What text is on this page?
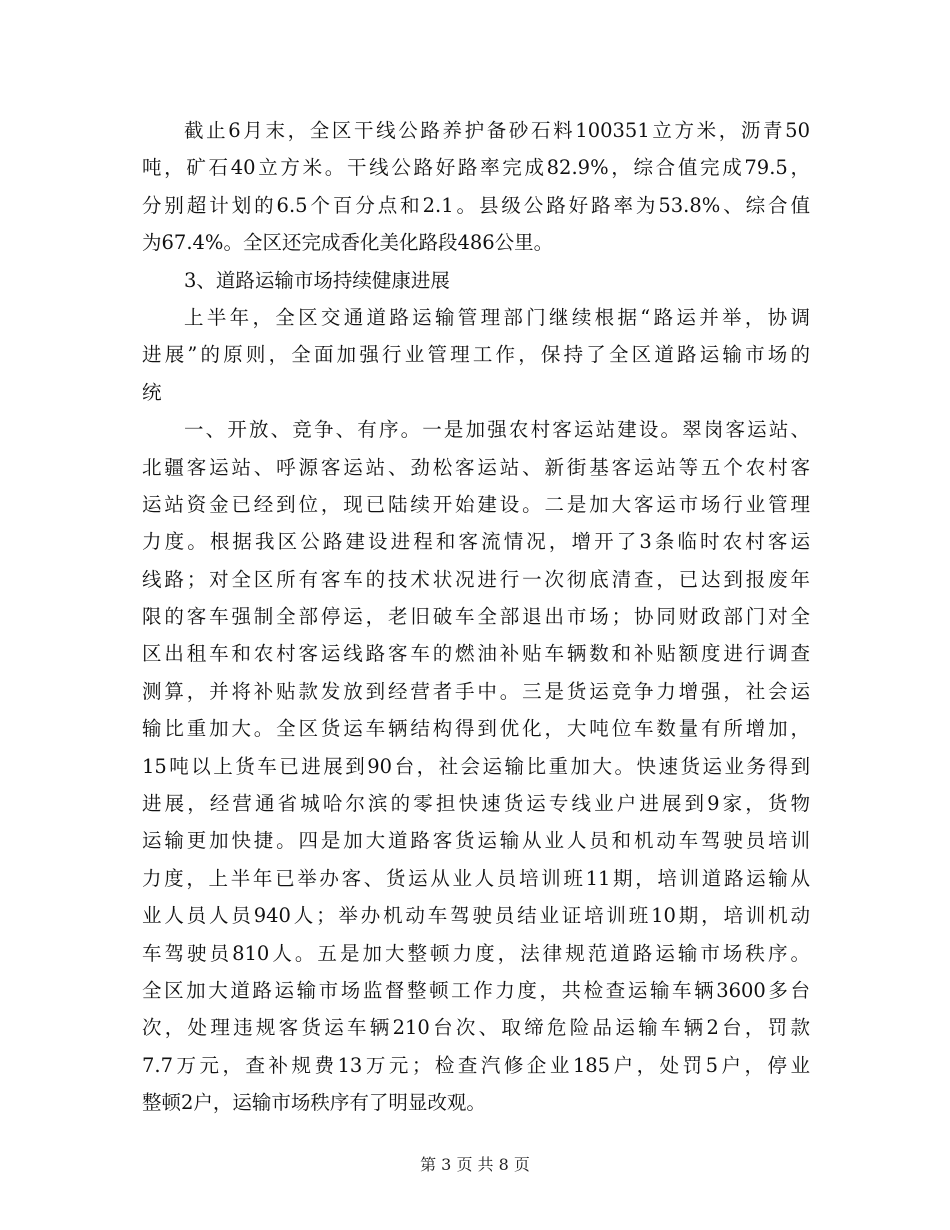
截止6月末，全区干线公路养护备砂石料100351立方米，沥青50
吨，矿石40立方米。干线公路好路率完成82.9%，综合值完成79.5，
分别超计划的6.5个百分点和2.1。县级公路好路率为53.8%、综合值
为67.4%。全区还完成香化美化路段486公里。
3、道路运输市场持续健康进展
上半年，全区交通道路运输管理部门继续根据“路运并举，协调
进展”的原则，全面加强行业管理工作，保持了全区道路运输市场的
统
一、开放、竞争、有序。一是加强农村客运站建设。翠岗客运站、
北疆客运站、呼源客运站、劲松客运站、新街基客运站等五个农村客
运站资金已经到位，现已陆续开始建设。二是加大客运市场行业管理
力度。根据我区公路建设进程和客流情况，增开了3条临时农村客运
线路；对全区所有客车的技术状况进行一次彻底清查，已达到报废年
限的客车强制全部停运，老旧破车全部退出市场；协同财政部门对全
区出租车和农村客运线路客车的燃油补贴车辆数和补贴额度进行调查
测算，并将补贴款发放到经营者手中。三是货运竞争力增强，社会运
输比重加大。全区货运车辆结构得到优化，大吨位车数量有所增加，
15吨以上货车已进展到90台，社会运输比重加大。快速货运业务得到
进展，经营通省城哈尔滨的零担快速货运专线业户进展到9家，货物
运输更加快捷。四是加大道路客货运输从业人员和机动车驾驶员培训
力度，上半年已举办客、货运从业人员培训班11期，培训道路运输从
业人员人员940人；举办机动车驾驶员结业证培训班10期，培训机动
车驾驶员810人。五是加大整顿力度，法律规范道路运输市场秩序。
全区加大道路运输市场监督整顿工作力度，共检查运输车辆3600多台
次，处理违规客货运车辆210台次、取缔危险品运输车辆2台，罚款
7.7万元，查补规费13万元；检查汽修企业185户，处罚5户，停业
整顿2户，运输市场秩序有了明显改观。
第 3 页 共 8 页
